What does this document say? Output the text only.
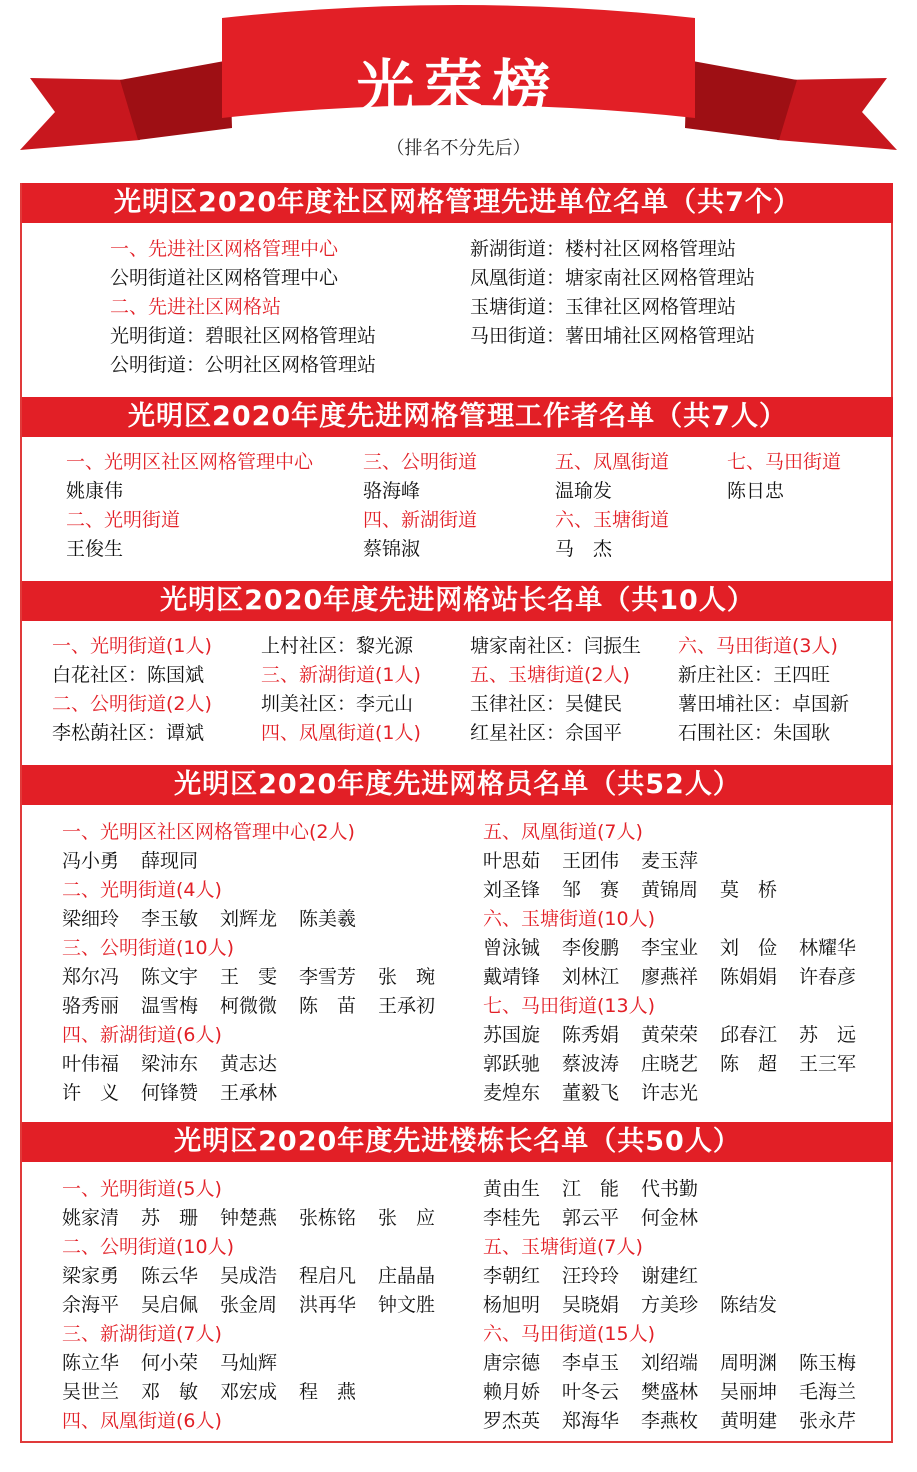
光荣榜
（排名不分先后）
光明区2020年度社区网格管理先进单位名单（共7个）
一、先进社区网格管理中心
公明街道社区网格管理中心
二、先进社区网格站
光明街道：碧眼社区网格管理站
公明街道：公明社区网格管理站
新湖街道：楼村社区网格管理站
凤凰街道：塘家南社区网格管理站
玉塘街道：玉律社区网格管理站
马田街道：薯田埔社区网格管理站
光明区2020年度先进网格管理工作者名单（共7人）
一、光明区社区网格管理中心
姚康伟
二、光明街道
王俊生
三、公明街道
骆海峰
四、新湖街道
蔡锦淑
五、凤凰街道
温瑜发
六、玉塘街道
马　杰
七、马田街道
陈日忠
光明区2020年度先进网格站长名单（共10人）
一、光明街道(1人)
白花社区：陈国斌
二、公明街道(2人)
李松蓢社区：谭斌
上村社区：黎光源
三、新湖街道(1人)
圳美社区：李元山
四、凤凰街道(1人)
塘家南社区：闫振生
五、玉塘街道(2人)
玉律社区：吴健民
红星社区：佘国平
六、马田街道(3人)
新庄社区：王四旺
薯田埔社区：卓国新
石围社区：朱国耿
光明区2020年度先进网格员名单（共52人）
一、光明区社区网格管理中心(2人)
冯小勇	薛现同
二、光明街道(4人)
梁细玲	李玉敏	刘辉龙	陈美羲
三、公明街道(10人)
郑尔冯	陈文宇	王　雯	李雪芳	张　琬
骆秀丽	温雪梅	柯微微	陈　苗	王承初
四、新湖街道(6人)
叶伟福	梁沛东	黄志达
许　义	何锋赞	王承林
五、凤凰街道(7人)
叶思茹	王团伟	麦玉萍
刘圣锋	邹　赛	黄锦周	莫　桥
六、玉塘街道(10人)
曾泳铖	李俊鹏	李宝业	刘　俭	林耀华
戴靖锋	刘林江	廖燕祥	陈娟娟	许春彦
七、马田街道(13人)
苏国旋	陈秀娟	黄荣荣	邱春江	苏　远
郭跃驰	蔡波涛	庄晓艺	陈　超	王三军
麦煌东	董毅飞	许志光
光明区2020年度先进楼栋长名单（共50人）
一、光明街道(5人)
姚家清	苏　珊	钟楚燕	张栋铭	张　应
二、公明街道(10人)
梁家勇	陈云华	吴成浩	程启凡	庄晶晶
余海平	吴启佩	张金周	洪再华	钟文胜
三、新湖街道(7人)
陈立华	何小荣	马灿辉
吴世兰	邓　敏	邓宏成	程　燕
四、凤凰街道(6人)
黄由生	江　能	代书勤
李桂先	郭云平	何金林
五、玉塘街道(7人)
李朝红	汪玲玲	谢建红
杨旭明	吴晓娟	方美珍	陈结发
六、马田街道(15人)
唐宗德	李卓玉	刘绍端	周明渊	陈玉梅
赖月娇	叶冬云	樊盛林	吴丽坤	毛海兰
罗杰英	郑海华	李燕枚	黄明建	张永芹
